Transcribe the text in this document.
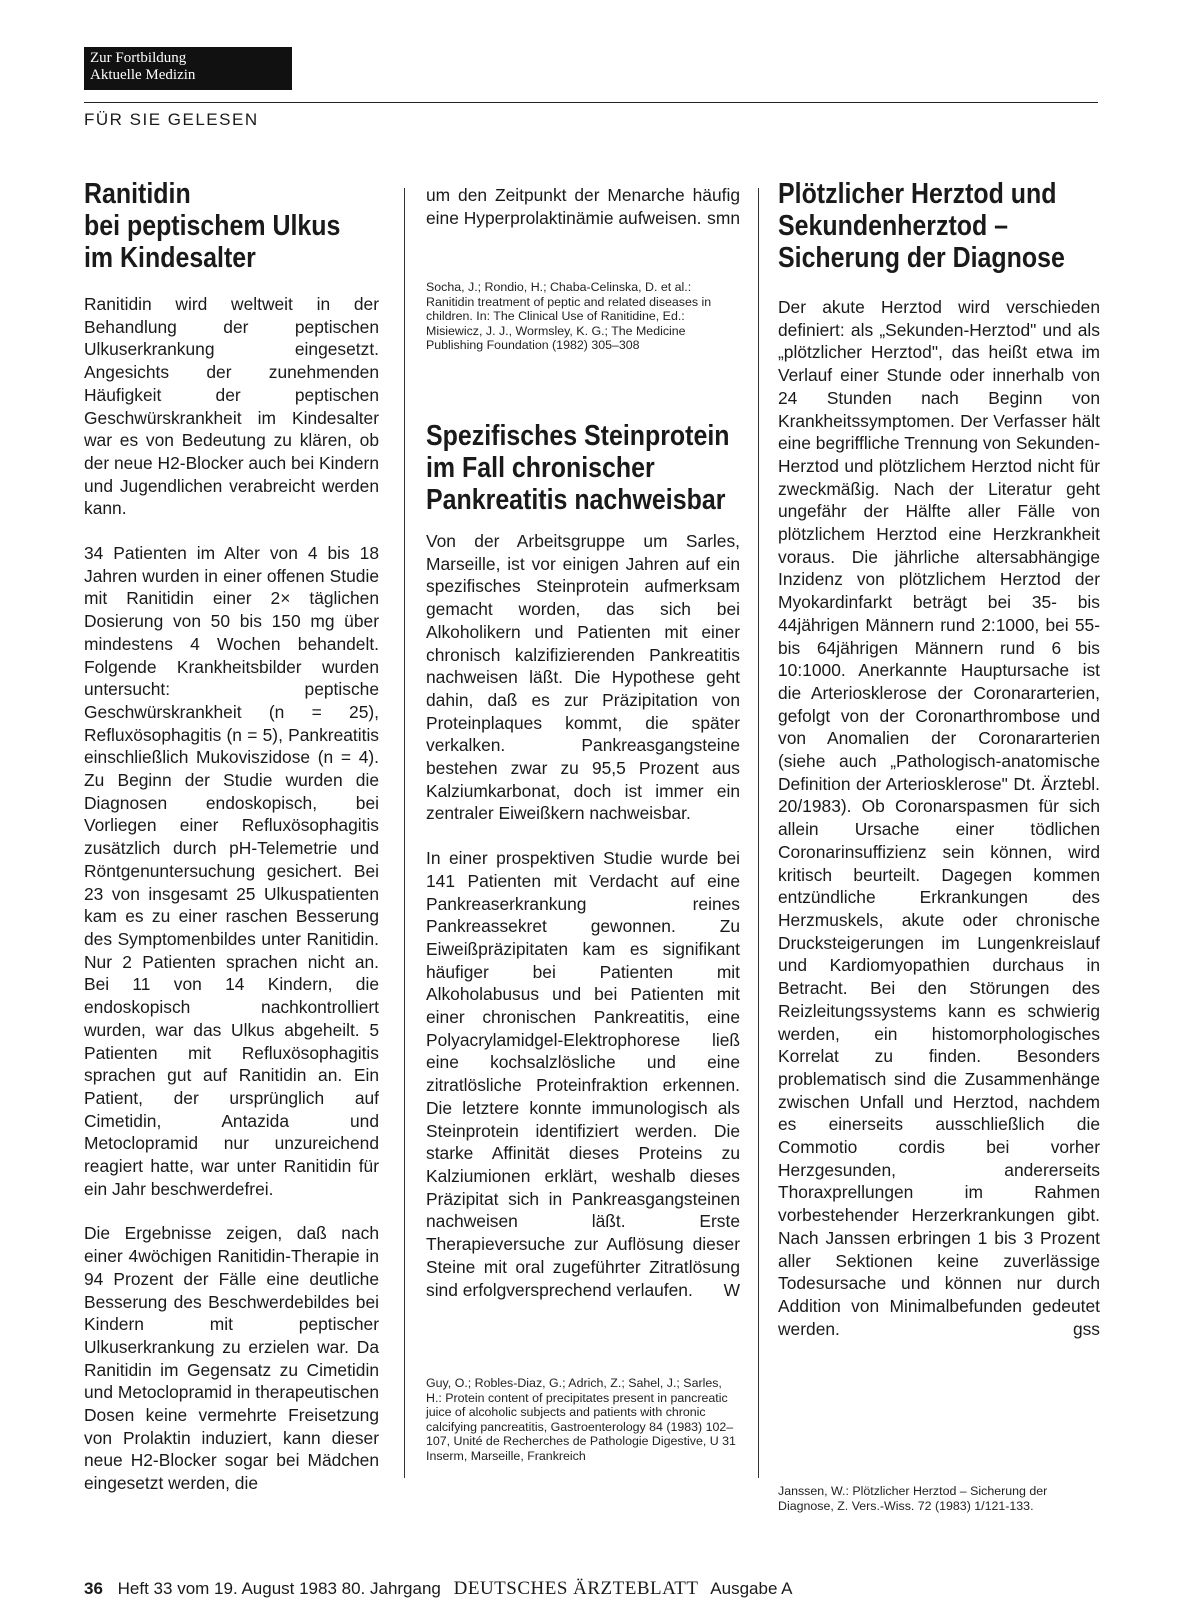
Zur Fortbildung
Aktuelle Medizin
FÜR SIE GELESEN
Ranitidin
bei peptischem Ulkus
im Kindesalter

Ranitidin wird weltweit in der Behandlung der peptischen Ulkuserkrankung eingesetzt. Angesichts der zunehmenden Häufigkeit der peptischen Geschwürskrankheit im Kindesalter war es von Bedeutung zu klären, ob der neue H2-Blocker auch bei Kindern und Jugendlichen verabreicht werden kann.

34 Patienten im Alter von 4 bis 18 Jahren wurden in einer offenen Studie mit Ranitidin einer 2× täglichen Dosierung von 50 bis 150 mg über mindestens 4 Wochen behandelt. Folgende Krankheitsbilder wurden untersucht: peptische Geschwürskrankheit (n = 25), Refluxösophagitis (n = 5), Pankreatitis einschließlich Mukoviszidose (n = 4). Zu Beginn der Studie wurden die Diagnosen endoskopisch, bei Vorliegen einer Refluxösophagitis zusätzlich durch pH-Telemetrie und Röntgenuntersuchung gesichert. Bei 23 von insgesamt 25 Ulkuspatienten kam es zu einer raschen Besserung des Symptomenbildes unter Ranitidin. Nur 2 Patienten sprachen nicht an. Bei 11 von 14 Kindern, die endoskopisch nachkontrolliert wurden, war das Ulkus abgeheilt. 5 Patienten mit Refluxösophagitis sprachen gut auf Ranitidin an. Ein Patient, der ursprünglich auf Cimetidin, Antazida und Metoclopramid nur unzureichend reagiert hatte, war unter Ranitidin für ein Jahr beschwerdefrei.

Die Ergebnisse zeigen, daß nach einer 4wöchigen Ranitidin-Therapie in 94 Prozent der Fälle eine deutliche Besserung des Beschwerdebildes bei Kindern mit peptischer Ulkuserkrankung zu erzielen war. Da Ranitidin im Gegensatz zu Cimetidin und Metoclopramid in therapeutischen Dosen keine vermehrte Freisetzung von Prolaktin induziert, kann dieser neue H2-Blocker sogar bei Mädchen eingesetzt werden, die

um den Zeitpunkt der Menarche häufig eine Hyperprolaktinämie aufweisen. smn
Socha, J.; Rondio, H.; Chaba-Celinska, D. et al.: Ranitidin treatment of peptic and related diseases in children. In: The Clinical Use of Ranitidine, Ed.: Misiewicz, J. J., Wormsley, K. G.; The Medicine Publishing Foundation (1982) 305–308
Spezifisches Steinprotein
im Fall chronischer
Pankreatitis nachweisbar

Von der Arbeitsgruppe um Sarles, Marseille, ist vor einigen Jahren auf ein spezifisches Steinprotein aufmerksam gemacht worden, das sich bei Alkoholikern und Patienten mit einer chronisch kalzifizierenden Pankreatitis nachweisen läßt. Die Hypothese geht dahin, daß es zur Präzipitation von Proteinplaques kommt, die später verkalken. Pankreasgangsteine bestehen zwar zu 95,5 Prozent aus Kalziumkarbonat, doch ist immer ein zentraler Eiweißkern nachweisbar.

In einer prospektiven Studie wurde bei 141 Patienten mit Verdacht auf eine Pankreaserkrankung reines Pankreassekret gewonnen. Zu Eiweißpräzipitaten kam es signifikant häufiger bei Patienten mit Alkoholabusus und bei Patienten mit einer chronischen Pankreatitis, eine Polyacrylamidgel-Elektrophorese ließ eine kochsalzlösliche und eine zitratlösliche Proteinfraktion erkennen. Die letztere konnte immunologisch als Steinprotein identifiziert werden. Die starke Affinität dieses Proteins zu Kalziumionen erklärt, weshalb dieses Präzipitat sich in Pankreasgangsteinen nachweisen läßt. Erste Therapieversuche zur Auflösung dieser Steine mit oral zugeführter Zitratlösung sind erfolgversprechend verlaufen. W

Guy, O.; Robles-Diaz, G.; Adrich, Z.; Sahel, J.; Sarles, H.: Protein content of precipitates present in pancreatic juice of alcoholic subjects and patients with chronic calcifying pancreatitis, Gastroenterology 84 (1983) 102–107, Unité de Recherches de Pathologie Digestive, U 31 Inserm, Marseille, Frankreich
Plötzlicher Herztod und
Sekundenherztod –
Sicherung der Diagnose
Der akute Herztod wird verschieden definiert: als „Sekunden-Herztod" und als „plötzlicher Herztod", das heißt etwa im Verlauf einer Stunde oder innerhalb von 24 Stunden nach Beginn von Krankheitssymptomen. Der Verfasser hält eine begriffliche Trennung von Sekunden-Herztod und plötzlichem Herztod nicht für zweckmäßig. Nach der Literatur geht ungefähr der Hälfte aller Fälle von plötzlichem Herztod eine Herzkrankheit voraus. Die jährliche altersabhängige Inzidenz von plötzlichem Herztod der Myokardinfarkt beträgt bei 35- bis 44jährigen Männern rund 2:1000, bei 55- bis 64jährigen Männern rund 6 bis 10:1000. Anerkannte Hauptursache ist die Arteriosklerose der Coronararterien, gefolgt von der Coronarthrombose und von Anomalien der Coronararterien (siehe auch „Pathologisch-anatomische Definition der Arteriosklerose" Dt. Ärztebl. 20/1983). Ob Coronarspasmen für sich allein Ursache einer tödlichen Coronarinsuffizienz sein können, wird kritisch beurteilt. Dagegen kommen entzündliche Erkrankungen des Herzmuskels, akute oder chronische Drucksteigerungen im Lungenkreislauf und Kardiomyopathien durchaus in Betracht. Bei den Störungen des Reizleitungssystems kann es schwierig werden, ein histomorphologisches Korrelat zu finden. Besonders problematisch sind die Zusammenhänge zwischen Unfall und Herztod, nachdem es einerseits ausschließlich die Commotio cordis bei vorher Herzgesunden, andererseits Thoraxprellungen im Rahmen vorbestehender Herzerkrankungen gibt. Nach Janssen erbringen 1 bis 3 Prozent aller Sektionen keine zuverlässige Todesursache und können nur durch Addition von Minimalbefunden gedeutet werden.	gss
Janssen, W.: Plötzlicher Herztod – Sicherung der Diagnose, Z. Vers.-Wiss. 72 (1983) 1/121-133.
36 Heft 33 vom 19. August 1983 80. Jahrgang DEUTSCHES ÄRZTEBLATT Ausgabe A
